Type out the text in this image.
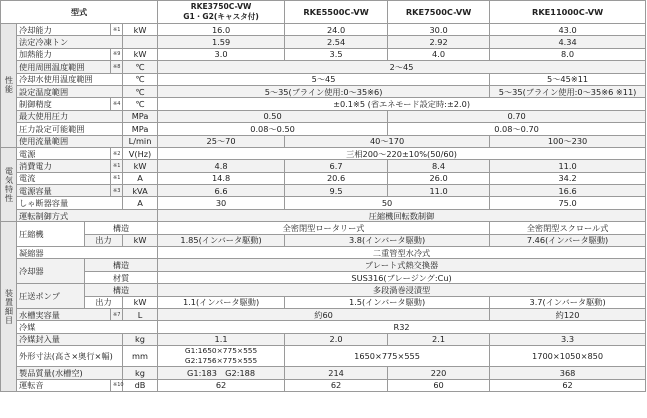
型式					RKE3750C-VW
G1・G2(キャスタ付)	RKE5500C-VW	RKE7500C-VW	RKE11000C-VW
性能	冷却能力		※1	kW	16.0	24.0	30.0	43.0
	法定冷凍トン				1.59	2.54	2.92	4.34
	加熱能力		※9	kW	3.0	3.5	4.0	8.0
	使用周囲温度範囲		※8	℃	2～45			
	冷却水使用温度範囲			℃	5～45			5～45※11
	設定温度範囲			℃	5～35(ブライン使用:0～35※6)			5～35(ブライン使用:0～35※6 ※11)
	制御精度		※4	℃	±0.1※5 (省エネモード設定時:±2.0)			
	最大使用圧力			MPa	0.50		0.70	
	圧力設定可能範囲			MPa	0.08～0.50		0.08～0.70	
	使用流量範囲			L/min	25～70	40～170		100～230
電気特性	電源		※2	V(Hz)	三相200～220±10%(50/60)			
	消費電力		※1	kW	4.8	6.7	8.4	11.0
	電流		※1	A	14.8	20.6	26.0	34.2
	電源容量		※3	kVA	6.6	9.5	11.0	16.6
	しゃ断器容量			A	30	50		75.0
	運転制御方式				圧縮機回転数制御			
装置細目	圧縮機	構造			全密閉型ロータリー式			全密閉型スクロール式
		出力		kW	1.85(インバータ駆動)	3.8(インバータ駆動)		7.46(インバータ駆動)
	凝縮器				二重管型水冷式			
	冷却器	構造			プレート式熱交換器			
		材質			SUS316(ブレージング:Cu)			
	圧送ポンプ	構造			多段渦巻浸漬型			
		出力		kW	1.1(インバータ駆動)	1.5(インバータ駆動)		3.7(インバータ駆動)
	水槽実容量		※7	L	約60			約120
	冷媒				R32			
	冷媒封入量			kg	1.1	2.0	2.1	3.3
	外形寸法(高さ×奥行×幅)			mm	G1:1650×775×555
G2:1756×775×555	1650×775×555		1700×1050×850
	製品質量(水槽空)			kg	G1:183　G2:188	214	220	368
	運転音		※10	dB	62	62	60	62
